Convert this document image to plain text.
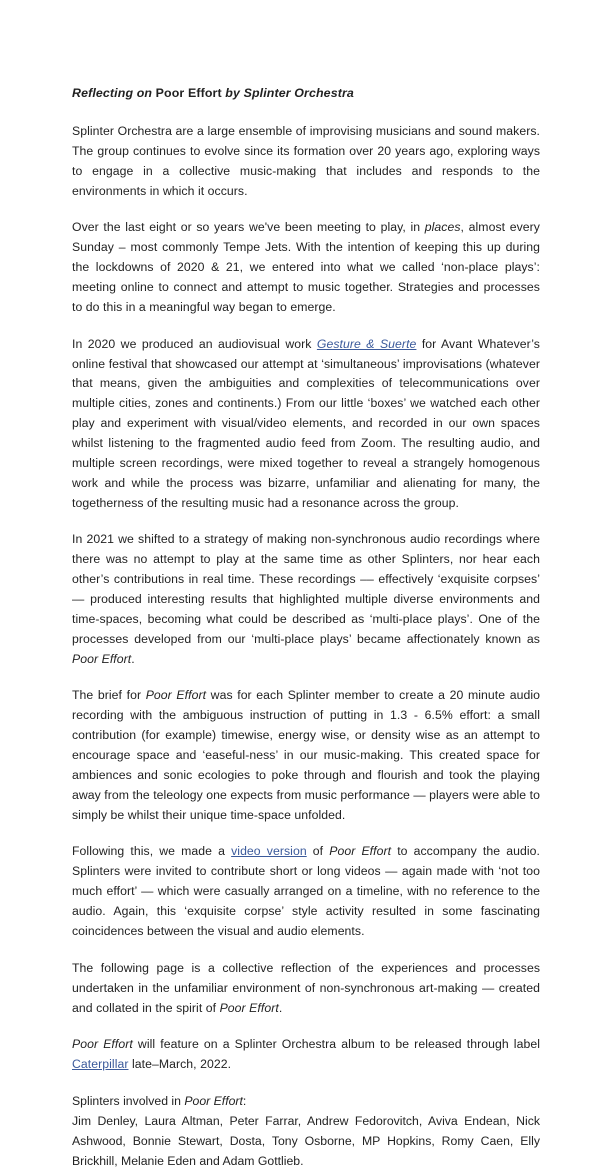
Reflecting on Poor Effort by Splinter Orchestra

Splinter Orchestra are a large ensemble of improvising musicians and sound makers. The group continues to evolve since its formation over 20 years ago, exploring ways to engage in a collective music-making that includes and responds to the environments in which it occurs.

Over the last eight or so years we've been meeting to play, in places, almost every Sunday – most commonly Tempe Jets. With the intention of keeping this up during the lockdowns of 2020 & 21, we entered into what we called ‘non-place plays’: meeting online to connect and attempt to music together. Strategies and processes to do this in a meaningful way began to emerge.

In 2020 we produced an audiovisual work Gesture & Suerte for Avant Whatever’s online festival that showcased our attempt at ‘simultaneous’ improvisations (whatever that means, given the ambiguities and complexities of telecommunications over multiple cities, zones and continents.) From our little ‘boxes’ we watched each other play and experiment with visual/video elements, and recorded in our own spaces whilst listening to the fragmented audio feed from Zoom. The resulting audio, and multiple screen recordings, were mixed together to reveal a strangely homogenous work and while the process was bizarre, unfamiliar and alienating for many, the togetherness of the resulting music had a resonance across the group.

In 2021 we shifted to a strategy of making non-synchronous audio recordings where there was no attempt to play at the same time as other Splinters, nor hear each other’s contributions in real time. These recordings –– effectively ‘exquisite corpses’ — produced interesting results that highlighted multiple diverse environments and time-spaces, becoming what could be described as ‘multi-place plays’. One of the processes developed from our ‘multi-place plays’ became affectionately known as Poor Effort.

The brief for Poor Effort was for each Splinter member to create a 20 minute audio recording with the ambiguous instruction of putting in 1.3 - 6.5% effort: a small contribution (for example) timewise, energy wise, or density wise as an attempt to encourage space and ‘easeful-ness’ in our music-making. This created space for ambiences and sonic ecologies to poke through and flourish and took the playing away from the teleology one expects from music performance — players were able to simply be whilst their unique time-space unfolded.

Following this, we made a video version of Poor Effort to accompany the audio. Splinters were invited to contribute short or long videos — again made with ‘not too much effort’ — which were casually arranged on a timeline, with no reference to the audio. Again, this ‘exquisite corpse’ style activity resulted in some fascinating coincidences between the visual and audio elements.

The following page is a collective reflection of the experiences and processes undertaken in the unfamiliar environment of non-synchronous art-making — created and collated in the spirit of Poor Effort.

Poor Effort will feature on a Splinter Orchestra album to be released through label Caterpillar late–March, 2022.

Splinters involved in Poor Effort:

Jim Denley, Laura Altman, Peter Farrar, Andrew Fedorovitch, Aviva Endean, Nick Ashwood, Bonnie Stewart, Dosta, Tony Osborne, MP Hopkins, Romy Caen, Elly Brickhill, Melanie Eden and Adam Gottlieb.
